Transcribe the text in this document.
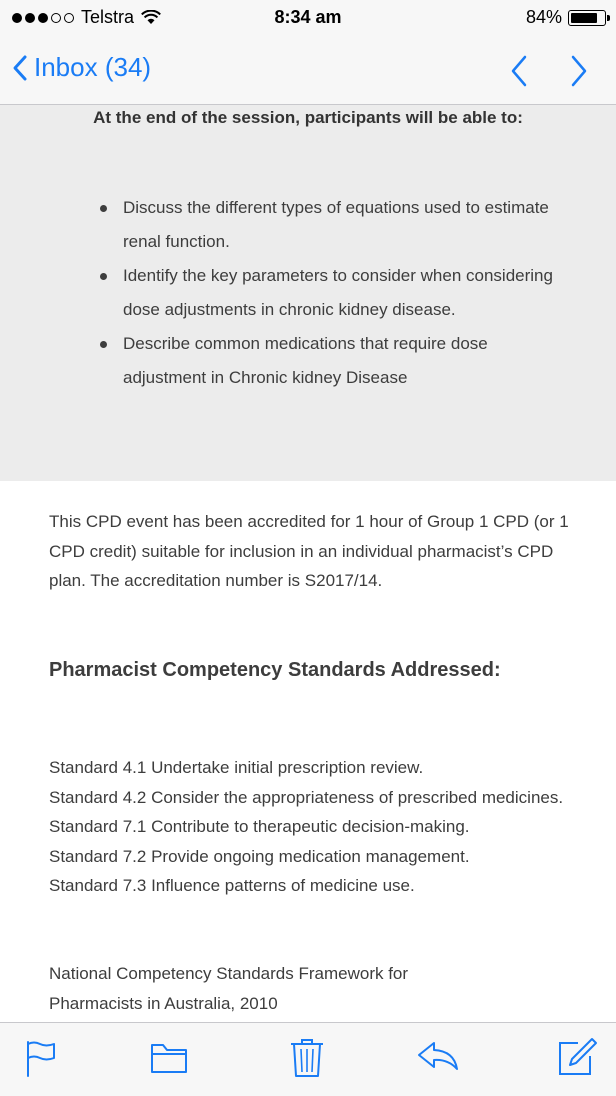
Telstra	8:34 am	84%
Inbox (34)
At the end of the session, participants will be able to:
Discuss the different types of equations used to estimate renal function.
Identify the key parameters to consider when considering dose adjustments in chronic kidney disease.
Describe common medications that require dose adjustment in Chronic kidney Disease
This CPD event has been accredited for 1 hour of Group 1 CPD (or 1 CPD credit) suitable for inclusion in an individual pharmacist’s CPD plan. The accreditation number is S2017/14.
Pharmacist Competency Standards Addressed:
Standard 4.1 Undertake initial prescription review.
Standard 4.2 Consider the appropriateness of prescribed medicines. Standard 7.1 Contribute to therapeutic decision-making.
Standard 7.2 Provide ongoing medication management.
Standard 7.3 Influence patterns of medicine use.
National Competency Standards Framework for Pharmacists in Australia, 2010
